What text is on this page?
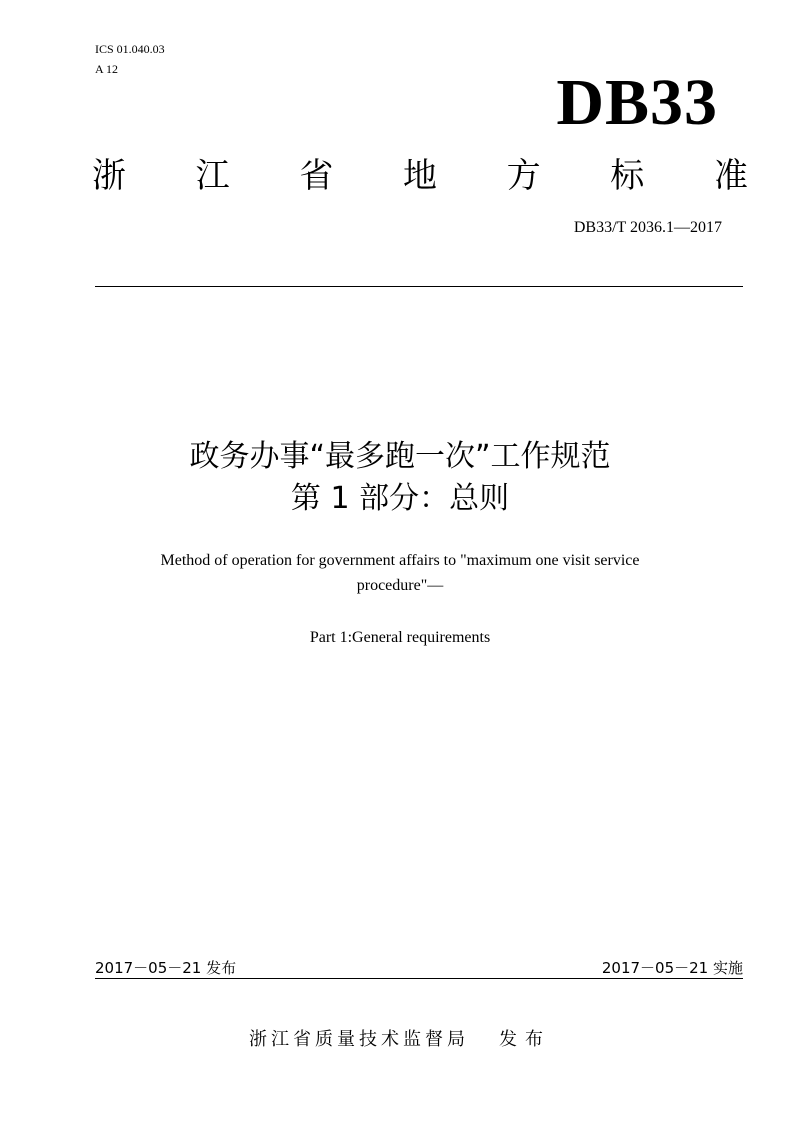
ICS 01.040.03
A 12	DB33
浙 江 省 地 方 标 准
DB33/T 2036.1—2017
政务办事“最多跑一次”工作规范
第 1 部分：总则
Method of operation for government affairs to "maximum one visit service
procedure"—
Part 1:General requirements
2017－05－21 发布	2017－05－21 实施
浙江省质量技术监督局 发布
